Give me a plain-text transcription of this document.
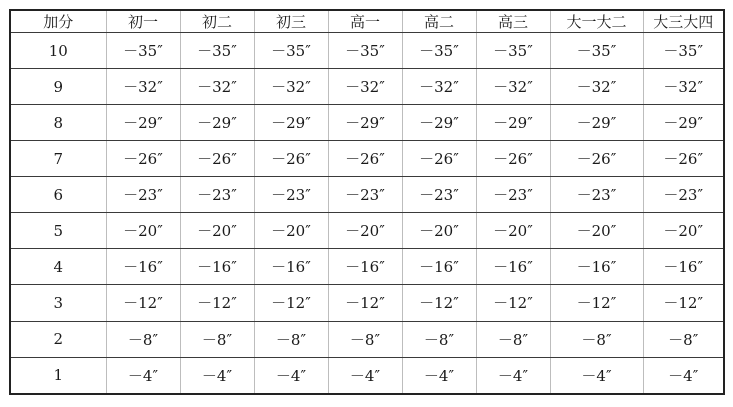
加分	初一	初二	初三	高一	高二	高三	大一大二	大三大四
10	－35″	－35″	－35″	－35″	－35″	－35″	－35″	－35″
9	－32″	－32″	－32″	－32″	－32″	－32″	－32″	－32″
8	－29″	－29″	－29″	－29″	－29″	－29″	－29″	－29″
7	－26″	－26″	－26″	－26″	－26″	－26″	－26″	－26″
6	－23″	－23″	－23″	－23″	－23″	－23″	－23″	－23″
5	－20″	－20″	－20″	－20″	－20″	－20″	－20″	－20″
4	－16″	－16″	－16″	－16″	－16″	－16″	－16″	－16″
3	－12″	－12″	－12″	－12″	－12″	－12″	－12″	－12″
2	－8″	－8″	－8″	－8″	－8″	－8″	－8″	－8″
1	－4″	－4″	－4″	－4″	－4″	－4″	－4″	－4″
